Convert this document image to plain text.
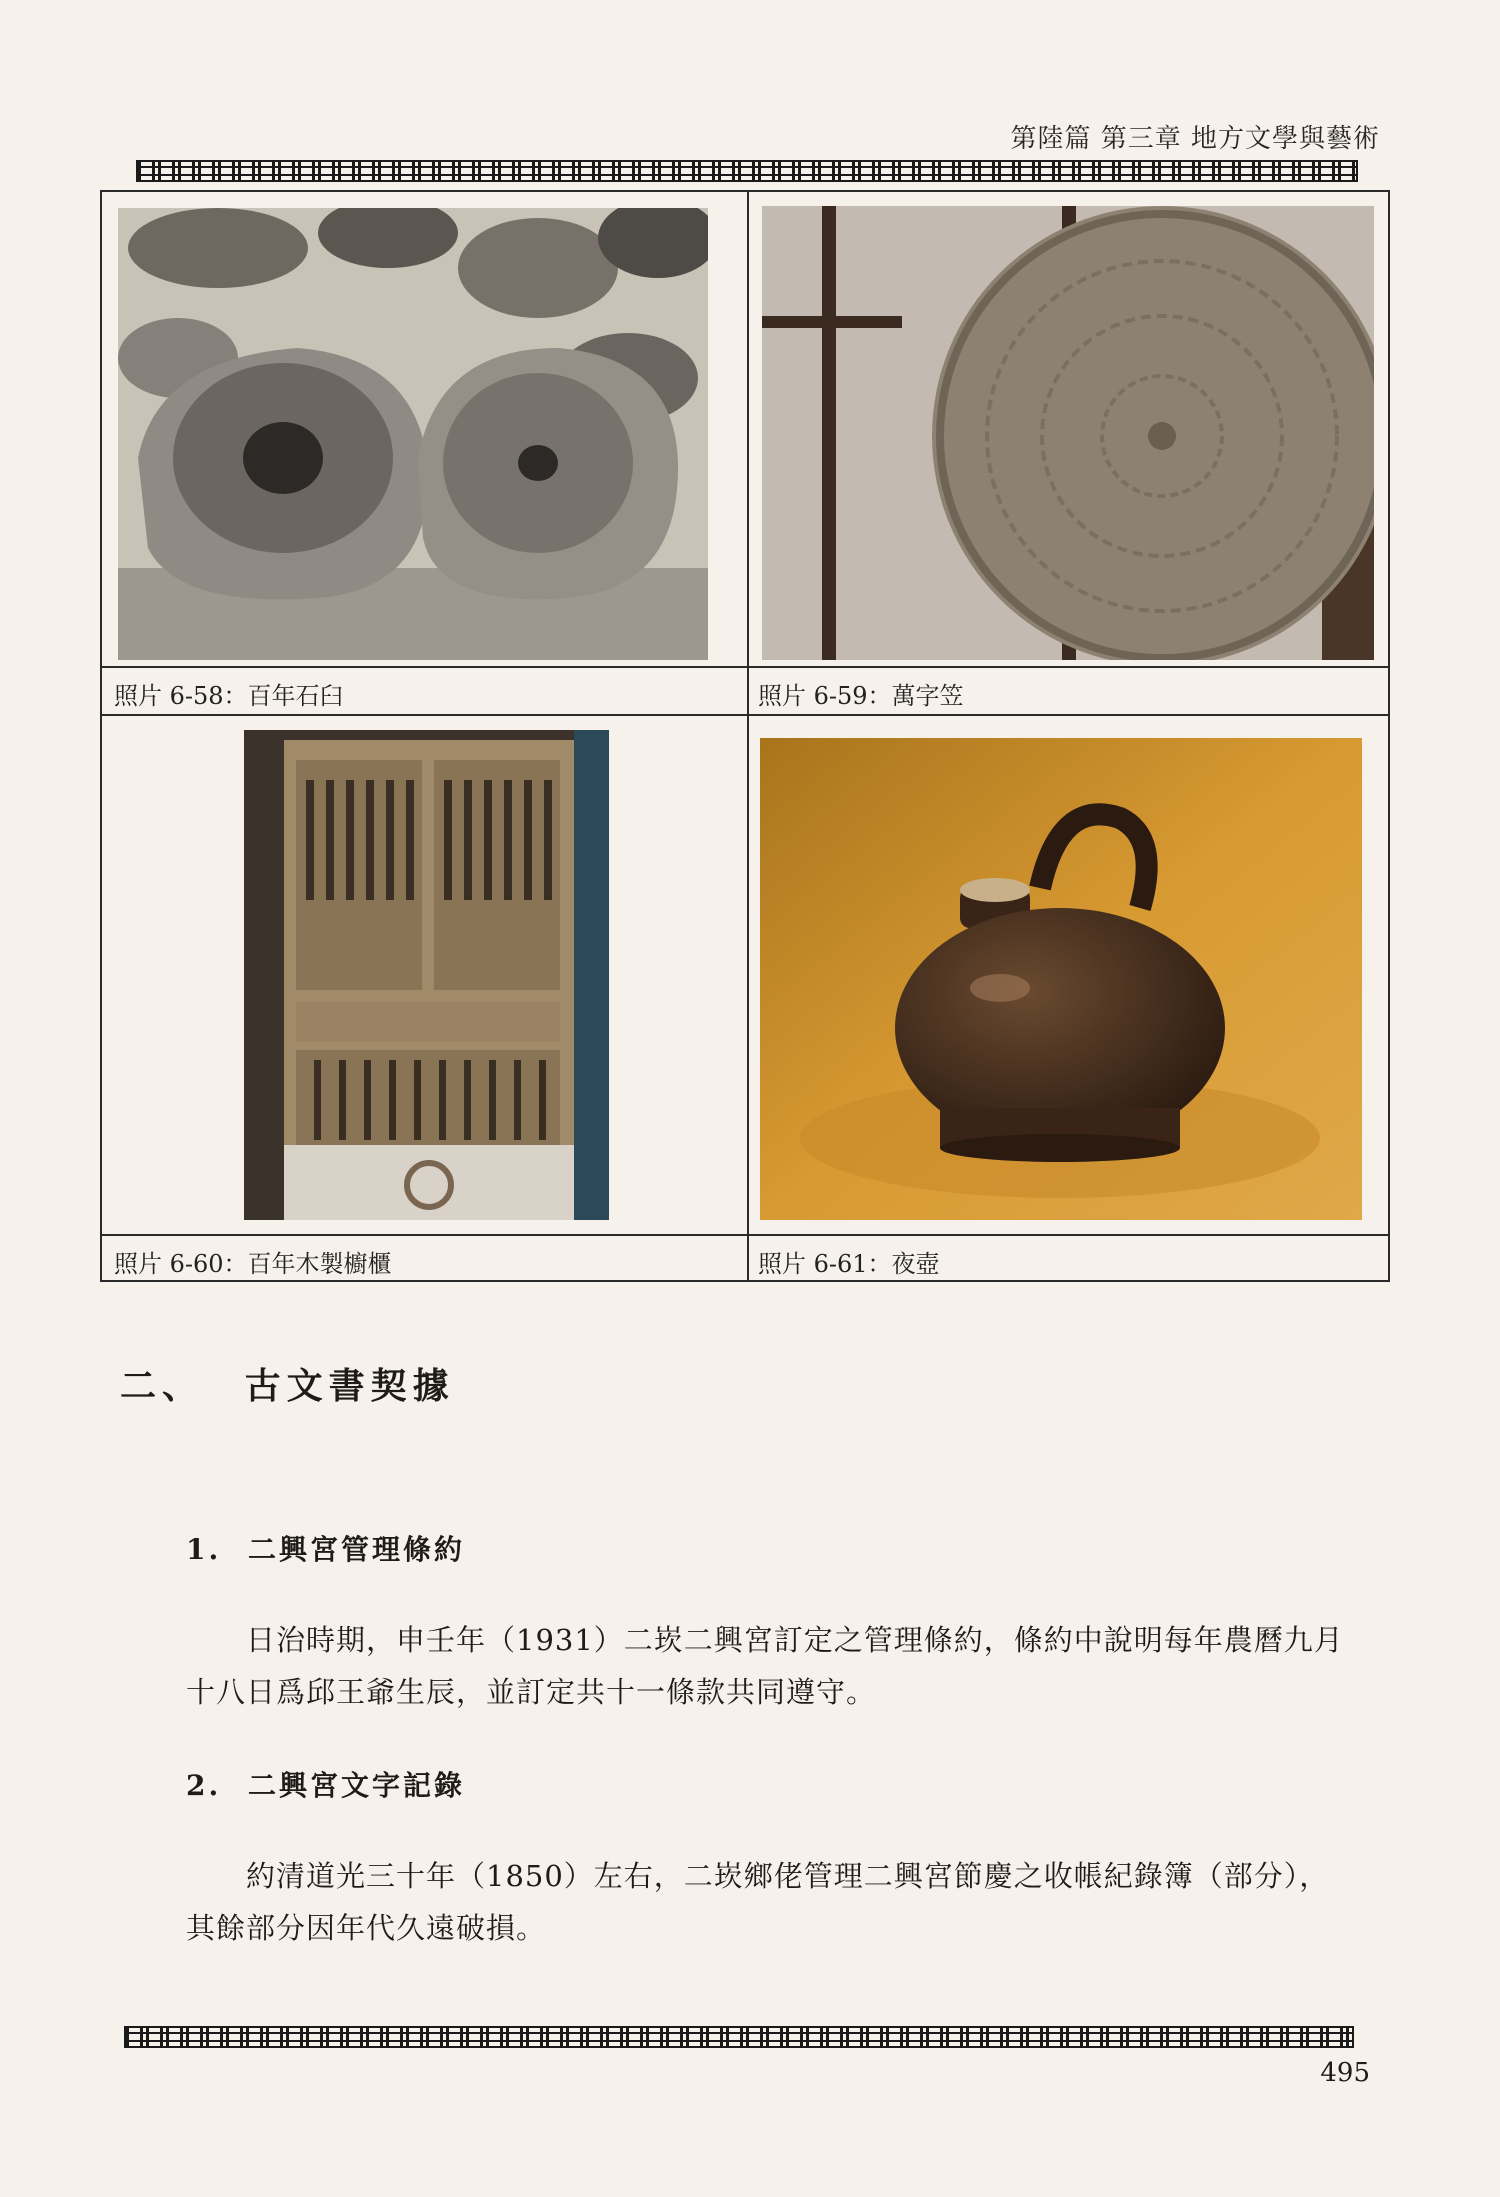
第陸篇 第三章 地方文學與藝術
照片 6-58：百年石臼	照片 6-59：萬字笠
照片 6-60：百年木製櫥櫃	照片 6-61：夜壺
二、 古文書契據
1. 二興宮管理條約
日治時期，申壬年（1931）二崁二興宮訂定之管理條約，條約中說明每年農曆九月
十八日爲邱王爺生辰，並訂定共十一條款共同遵守。
2. 二興宮文字記錄
約清道光三十年（1850）左右，二崁鄉佬管理二興宮節慶之收帳紀錄簿（部分），
其餘部分因年代久遠破損。
495
